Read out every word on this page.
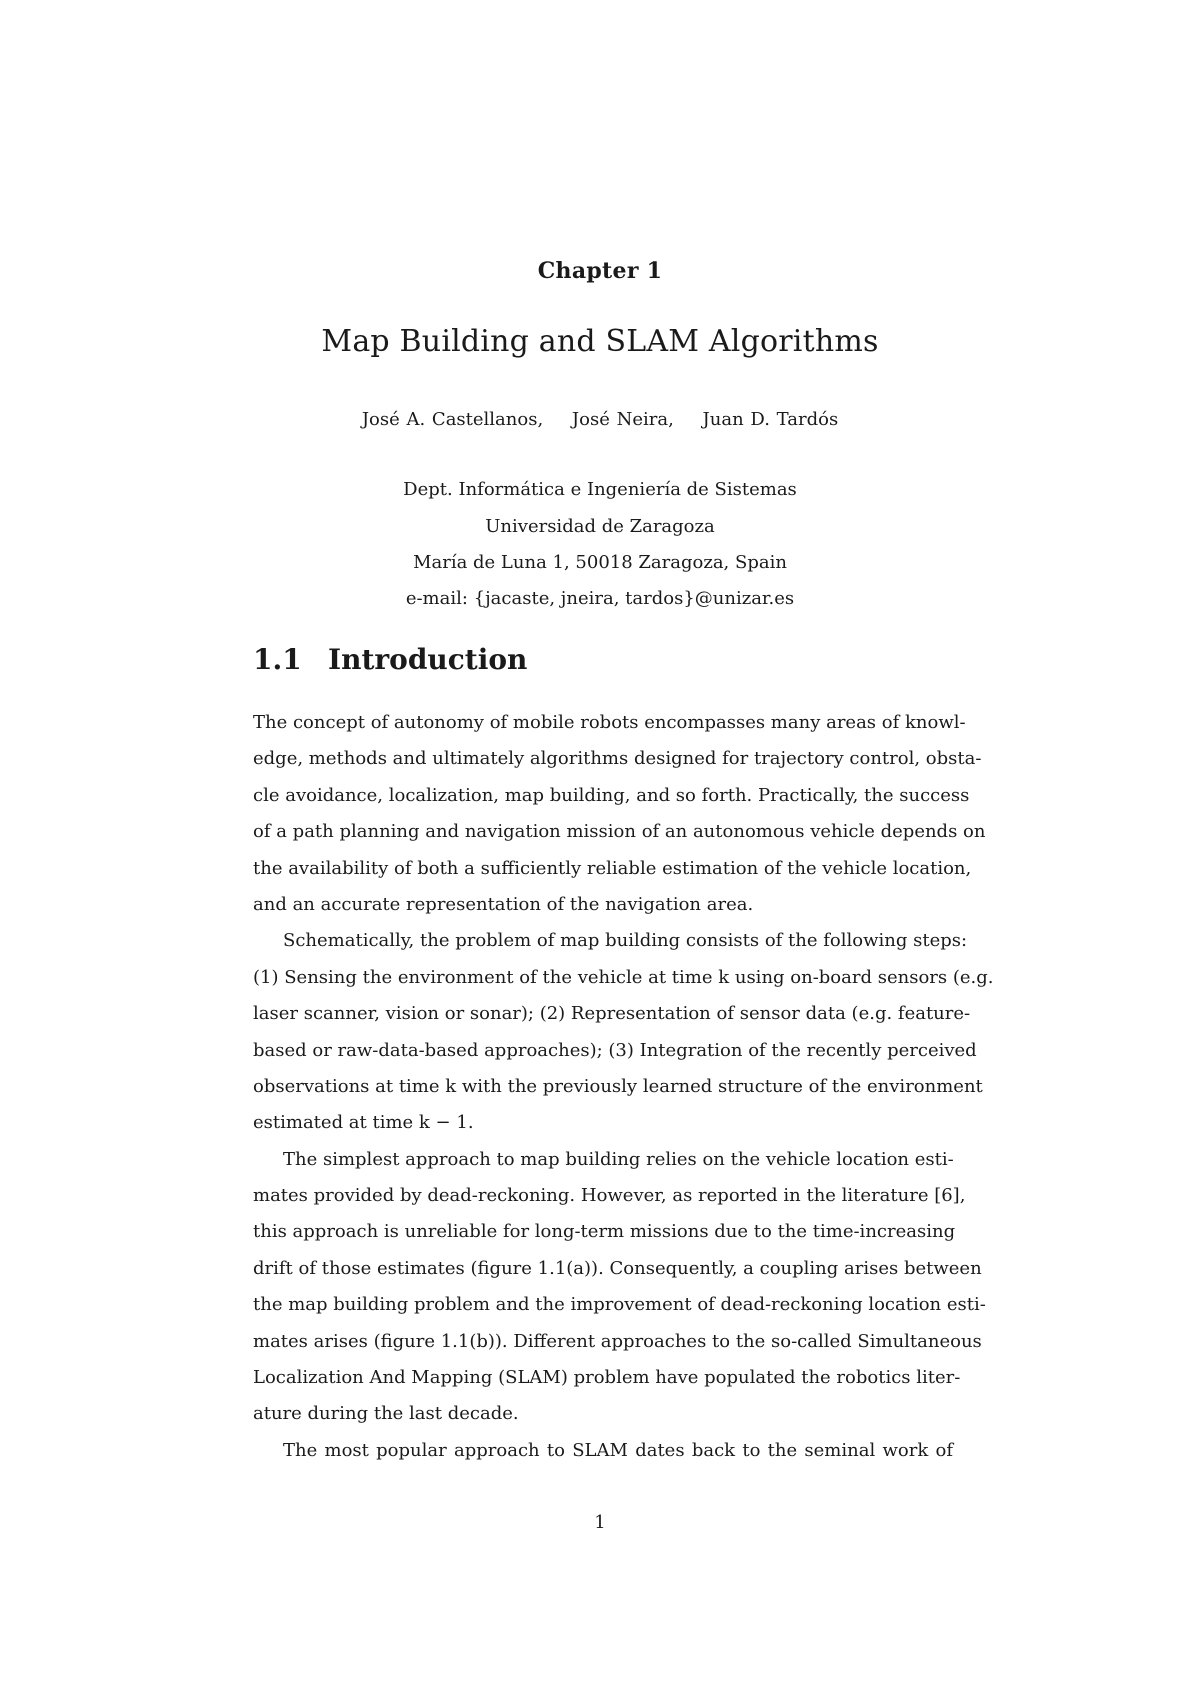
Chapter 1
Map Building and SLAM Algorithms
José A. Castellanos, José Neira, Juan D. Tardós
Dept. Informática e Ingeniería de Sistemas
Universidad de Zaragoza
María de Luna 1, 50018 Zaragoza, Spain
e-mail: {jacaste, jneira, tardos}@unizar.es
1.1 Introduction
The concept of autonomy of mobile robots encompasses many areas of knowl-
edge, methods and ultimately algorithms designed for trajectory control, obsta-
cle avoidance, localization, map building, and so forth. Practically, the success
of a path planning and navigation mission of an autonomous vehicle depends on
the availability of both a sufficiently reliable estimation of the vehicle location,
and an accurate representation of the navigation area.
Schematically, the problem of map building consists of the following steps:
(1) Sensing the environment of the vehicle at time k using on-board sensors (e.g.
laser scanner, vision or sonar); (2) Representation of sensor data (e.g. feature-
based or raw-data-based approaches); (3) Integration of the recently perceived
observations at time k with the previously learned structure of the environment
estimated at time k − 1.
The simplest approach to map building relies on the vehicle location esti-
mates provided by dead-reckoning. However, as reported in the literature [6],
this approach is unreliable for long-term missions due to the time-increasing
drift of those estimates (figure 1.1(a)). Consequently, a coupling arises between
the map building problem and the improvement of dead-reckoning location esti-
mates arises (figure 1.1(b)). Different approaches to the so-called Simultaneous
Localization And Mapping (SLAM) problem have populated the robotics liter-
ature during the last decade.
The most popular approach to SLAM dates back to the seminal work of
1
